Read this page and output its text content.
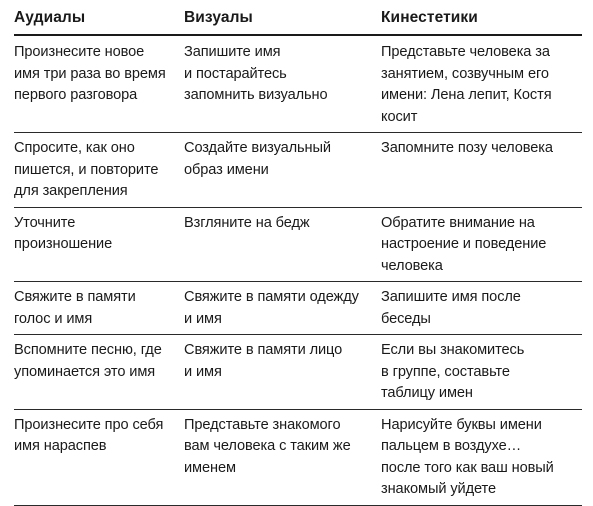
Аудиалы	Визуалы	Кинестетики

Произнесите новое
имя три раза во время
первого разговора	Запишите имя
и постарайтесь
запомнить визуально	Представьте человека за
занятием, созвучным его
имени: Лена лепит, Костя
косит

Спросите, как оно
пишется, и повторите
для закрепления	Создайте визуальный
образ имени	Запомните позу человека

Уточните
произношение	Взгляните на бедж	Обратите внимание на
настроение и поведение
человека

Свяжите в памяти
голос и имя	Свяжите в памяти одежду
и имя	Запишите имя после
беседы

Вспомните песню, где
упоминается это имя	Свяжите в памяти лицо
и имя	Если вы знакомитесь
в группе, составьте
таблицу имен

Произнесите про себя
имя нараспев	Представьте знакомого
вам человека с таким же
именем	Нарисуйте буквы имени
пальцем в воздухе…
после того как ваш новый
знакомый уйдете
